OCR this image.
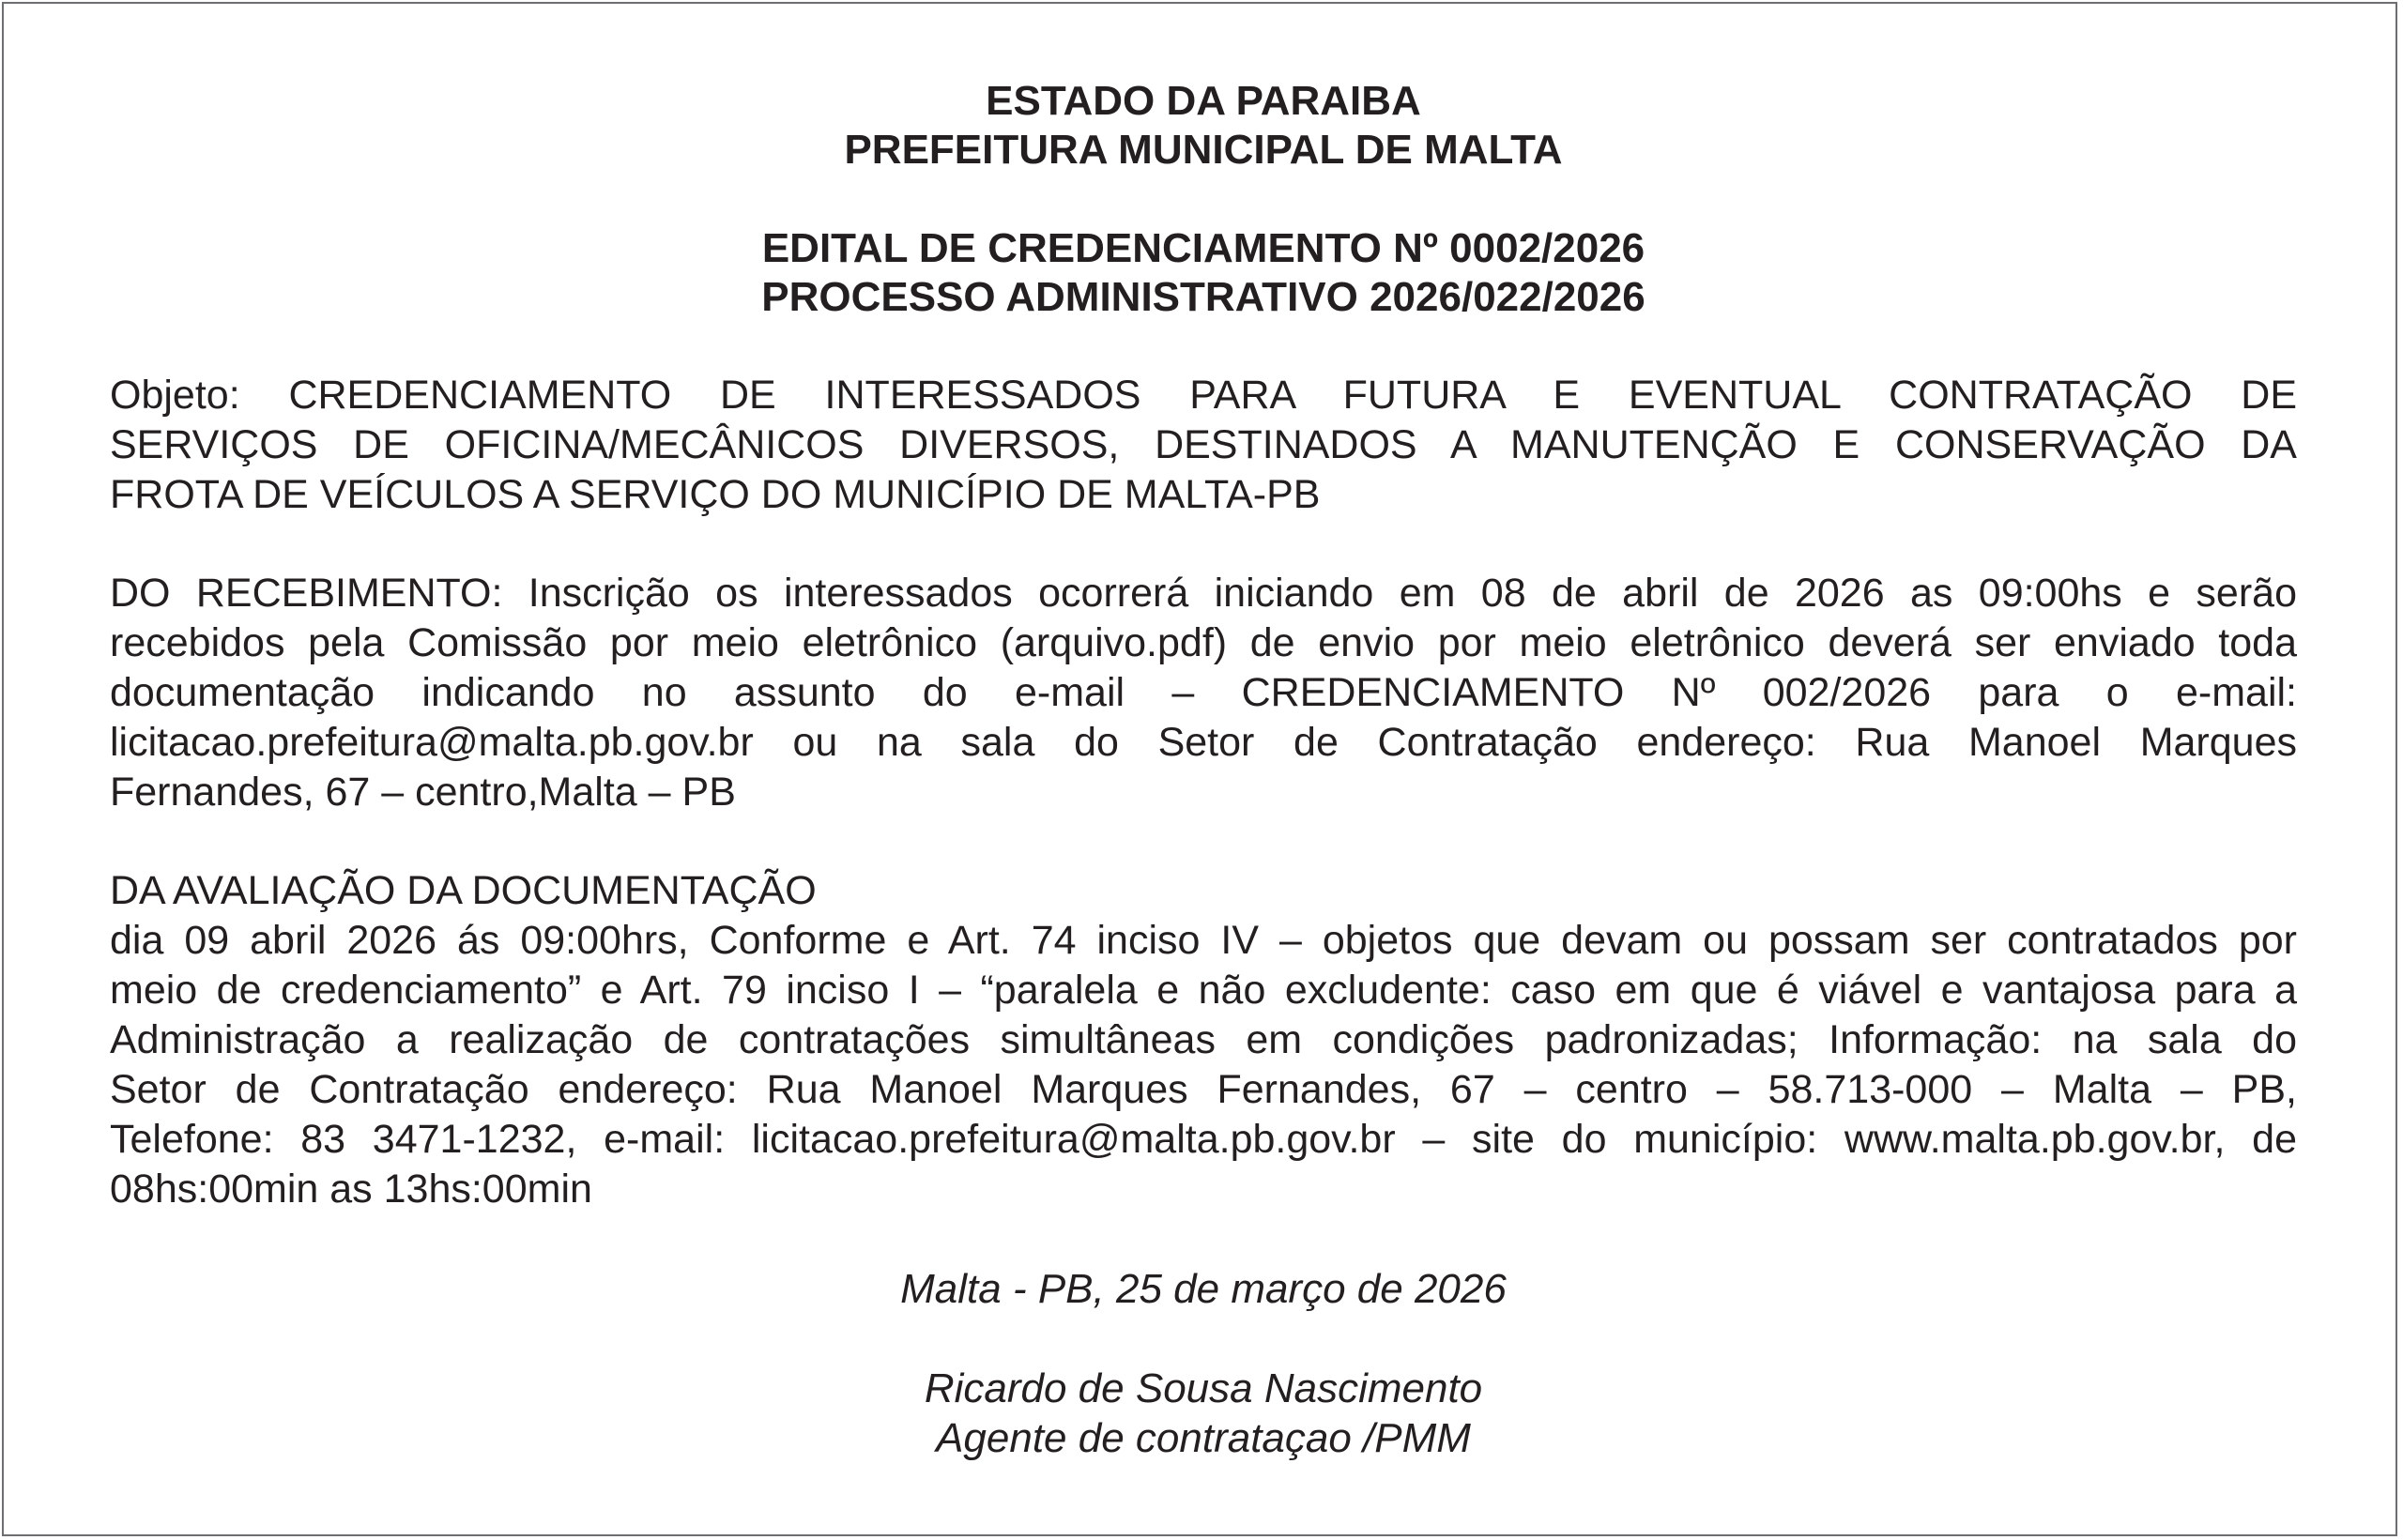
ESTADO DA PARAIBA

PREFEITURA MUNICIPAL DE MALTA

EDITAL DE CREDENCIAMENTO Nº 0002/2026

PROCESSO ADMINISTRATIVO 2026/022/2026

Objeto: CREDENCIAMENTO DE INTERESSADOS PARA FUTURA E EVENTUAL CONTRATAÇÃO DE
SERVIÇOS DE OFICINA/MECÂNICOS DIVERSOS, DESTINADOS A MANUTENÇÃO E CONSERVAÇÃO DA
FROTA DE VEÍCULOS A SERVIÇO DO MUNICÍPIO DE MALTA-PB
DO RECEBIMENTO: Inscrição os interessados ocorrerá iniciando em 08 de abril de 2026 as 09:00hs e serão
recebidos pela Comissão por meio eletrônico (arquivo.pdf) de envio por meio eletrônico deverá ser enviado toda
documentação indicando no assunto do e-mail – CREDENCIAMENTO Nº 002/2026 para o e-mail:
licitacao.prefeitura@malta.pb.gov.br ou na sala do Setor de Contratação endereço: Rua Manoel Marques
Fernandes, 67 – centro,Malta – PB
DA AVALIAÇÃO DA DOCUMENTAÇÃO
dia 09 abril 2026 ás 09:00hrs, Conforme e Art. 74 inciso IV – objetos que devam ou possam ser contratados por
meio de credenciamento” e Art. 79 inciso I – “paralela e não excludente: caso em que é viável e vantajosa para a
Administração a realização de contratações simultâneas em condições padronizadas; Informação: na sala do
Setor de Contratação endereço: Rua Manoel Marques Fernandes, 67 – centro – 58.713-000 – Malta – PB,
Telefone: 83 3471-1232, e-mail: licitacao.prefeitura@malta.pb.gov.br – site do município: www.malta.pb.gov.br, de
08hs:00min as 13hs:00min

Malta - PB, 25 de março de 2026

Ricardo de Sousa Nascimento

Agente de contrataçao /PMM
